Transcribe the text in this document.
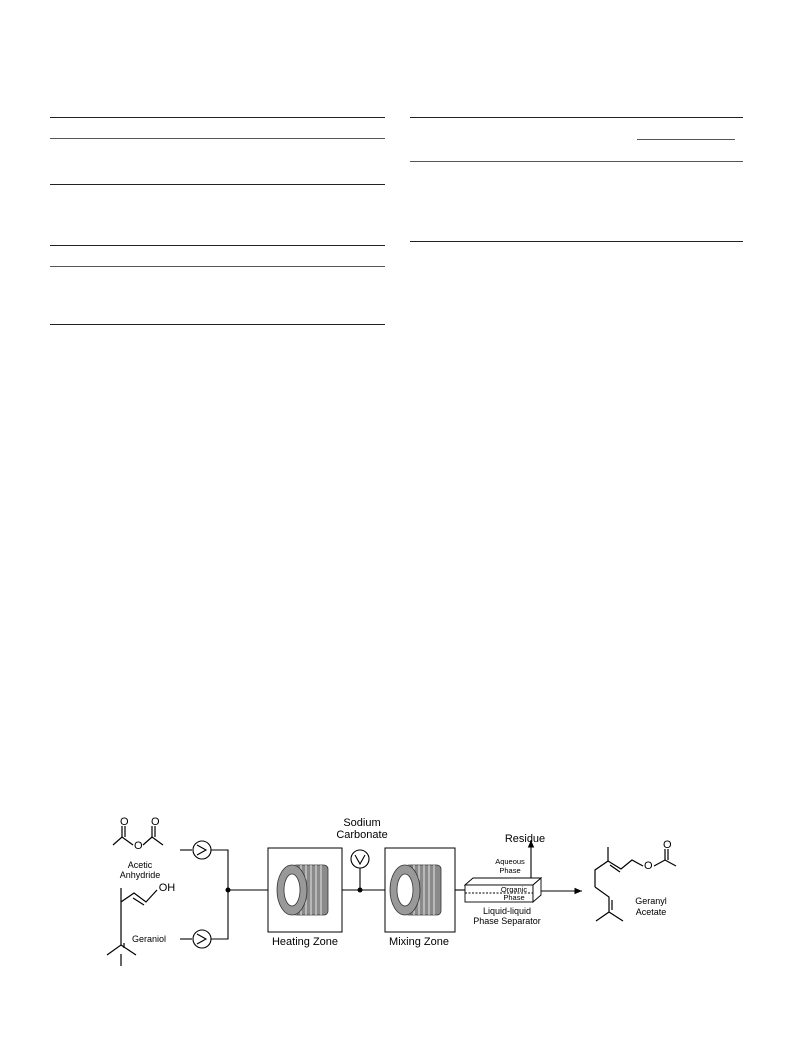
O
O
O
Acetic
Anhydride
OH
Geraniol	Heating Zone
Sodium
Carbonate
Mixing Zone
Residue
Aqueous
Phase
Organic
Phase
Liquid-liquid
Phase Separator
O
O
Geranyl
Acetate
